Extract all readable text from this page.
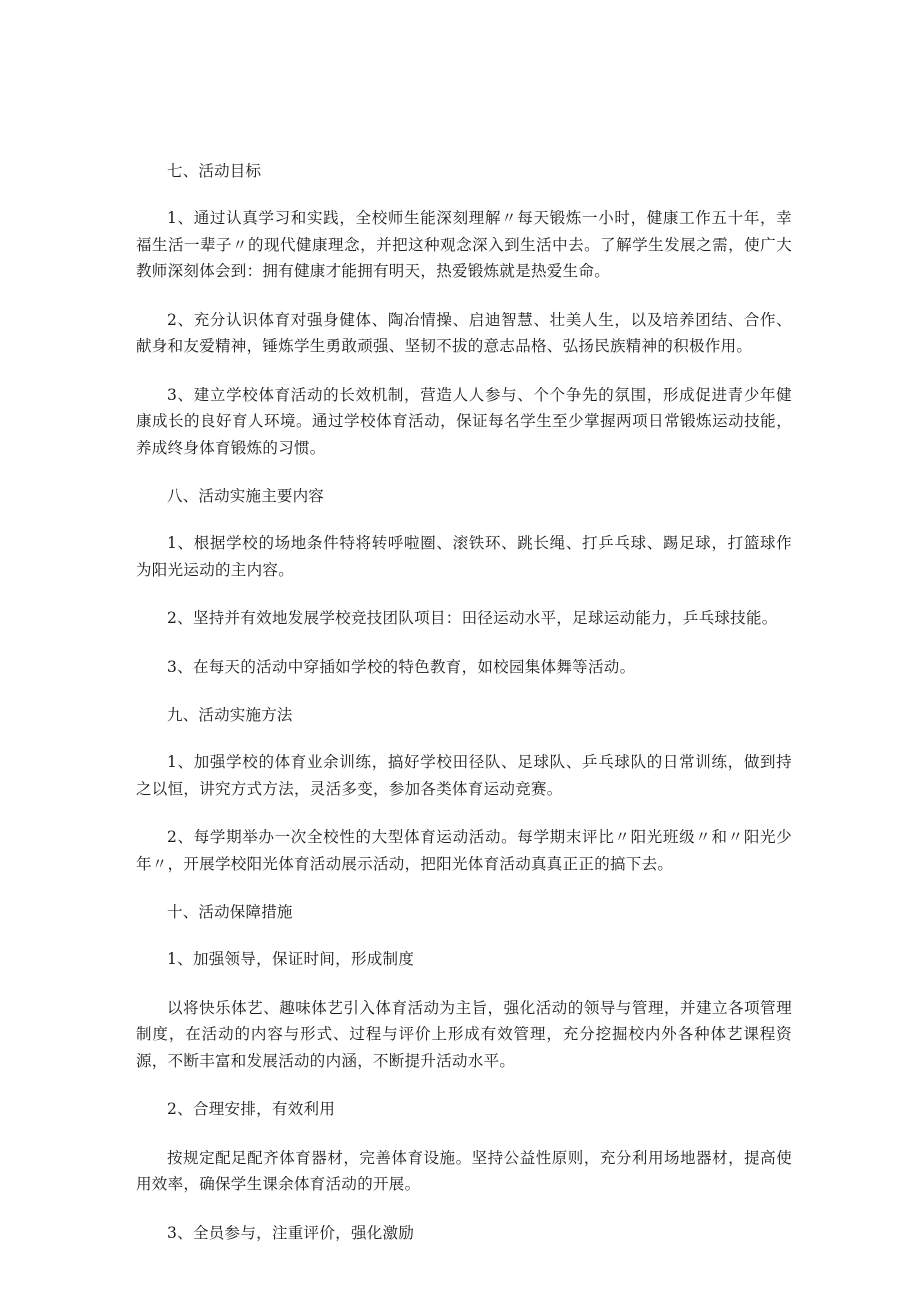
七、活动目标
1、通过认真学习和实践，全校师生能深刻理解〃每天锻炼一小时，健康工作五十年，幸福生活一辈子〃的现代健康理念，并把这种观念深入到生活中去。了解学生发展之需，使广大教师深刻体会到：拥有健康才能拥有明天，热爱锻炼就是热爱生命。
2、充分认识体育对强身健体、陶冶情操、启迪智慧、壮美人生，以及培养团结、合作、献身和友爱精神，锤炼学生勇敢顽强、坚韧不拔的意志品格、弘扬民族精神的积极作用。
3、建立学校体育活动的长效机制，营造人人参与、个个争先的氛围，形成促进青少年健康成长的良好育人环境。通过学校体育活动，保证每名学生至少掌握两项日常锻炼运动技能，养成终身体育锻炼的习惯。
八、活动实施主要内容
1、根据学校的场地条件特将转呼啦圈、滚铁环、跳长绳、打乒乓球、踢足球，打篮球作为阳光运动的主内容。
2、坚持并有效地发展学校竞技团队项目：田径运动水平，足球运动能力，乒乓球技能。
3、在每天的活动中穿插如学校的特色教育，如校园集体舞等活动。
九、活动实施方法
1、加强学校的体育业余训练，搞好学校田径队、足球队、乒乓球队的日常训练，做到持之以恒，讲究方式方法，灵活多变，参加各类体育运动竞赛。
2、每学期举办一次全校性的大型体育运动活动。每学期末评比〃阳光班级〃和〃阳光少年〃，开展学校阳光体育活动展示活动，把阳光体育活动真真正正的搞下去。
十、活动保障措施
1、加强领导，保证时间，形成制度
以将快乐体艺、趣味体艺引入体育活动为主旨，强化活动的领导与管理，并建立各项管理制度，在活动的内容与形式、过程与评价上形成有效管理，充分挖掘校内外各种体艺课程资源，不断丰富和发展活动的内涵，不断提升活动水平。
2、合理安排，有效利用
按规定配足配齐体育器材，完善体育设施。坚持公益性原则，充分利用场地器材，提高使用效率，确保学生课余体育活动的开展。
3、全员参与，注重评价，强化激励
